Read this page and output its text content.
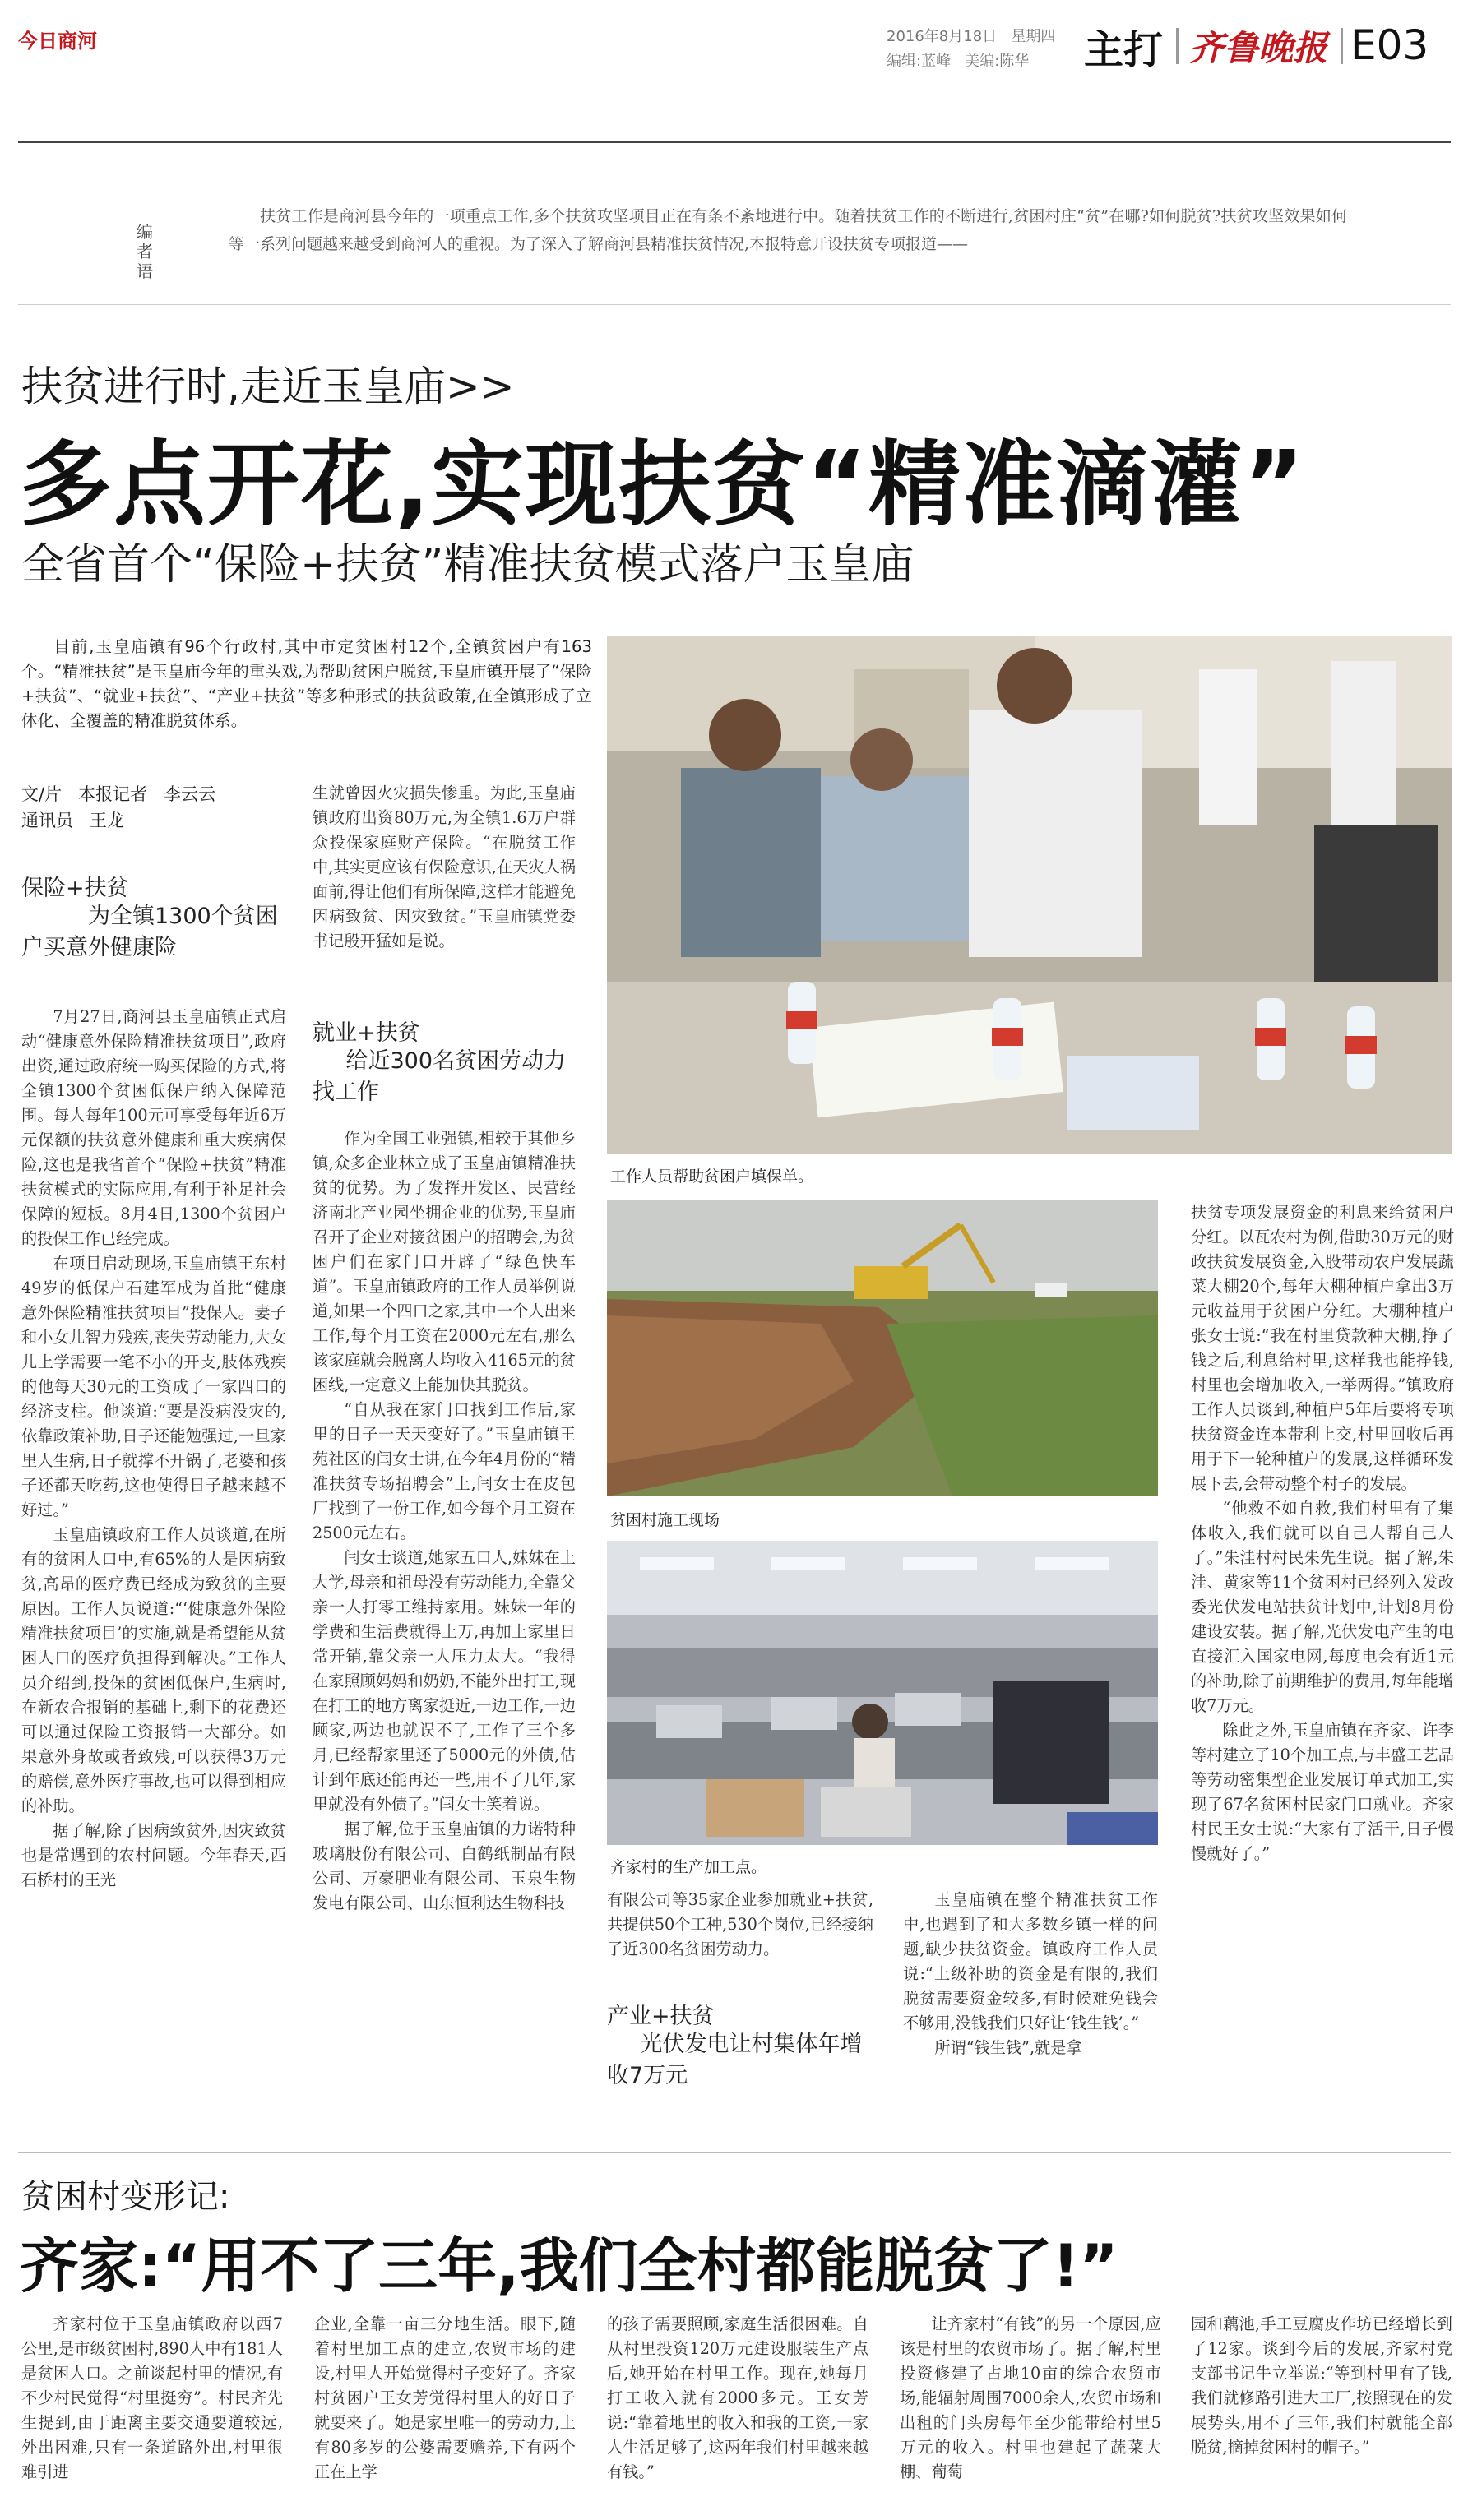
今日商河	2016年8月18日   星期四
编辑:蓝峰   美编:陈华 主打 齐鲁晚报 E03
编者语
扶贫工作是商河县今年的一项重点工作,多个扶贫攻坚项目正在有条不紊地进行中。随着扶贫工作的不断进行,贫困村庄“贫”在哪?如何脱贫?扶贫攻坚效果如何等一系列问题越来越受到商河人的重视。为了深入了解商河县精准扶贫情况,本报特意开设扶贫专项报道——
扶贫进行时,走近玉皇庙>>
多点开花,实现扶贫“精准滴灌”
全省首个“保险+扶贫”精准扶贫模式落户玉皇庙
目前,玉皇庙镇有96个行政村,其中市定贫困村12个,全镇贫困户有163个。“精准扶贫”是玉皇庙今年的重头戏,为帮助贫困户脱贫,玉皇庙镇开展了“保险+扶贫”、“就业+扶贫”、“产业+扶贫”等多种形式的扶贫政策,在全镇形成了立体化、全覆盖的精准脱贫体系。
文/片   本报记者   李云云
通讯员   王龙
保险+扶贫
为全镇1300个贫困户买意外健康险

7月27日,商河县玉皇庙镇正式启动“健康意外保险精准扶贫项目”,政府出资,通过政府统一购买保险的方式,将全镇1300个贫困低保户纳入保障范围。每人每年100元可享受每年近6万元保额的扶贫意外健康和重大疾病保险,这也是我省首个“保险+扶贫”精准扶贫模式的实际应用,有利于补足社会保障的短板。8月4日,1300个贫困户的投保工作已经完成。

在项目启动现场,玉皇庙镇王东村49岁的低保户石建军成为首批“健康意外保险精准扶贫项目”投保人。妻子和小女儿智力残疾,丧失劳动能力,大女儿上学需要一笔不小的开支,肢体残疾的他每天30元的工资成了一家四口的经济支柱。他谈道:“要是没病没灾的,依靠政策补助,日子还能勉强过,一旦家里人生病,日子就撑不开锅了,老婆和孩子还都天吃药,这也使得日子越来越不好过。”

玉皇庙镇政府工作人员谈道,在所有的贫困人口中,有65%的人是因病致贫,高昂的医疗费已经成为致贫的主要原因。工作人员说道:“‘健康意外保险精准扶贫项目’的实施,就是希望能从贫困人口的医疗负担得到解决。”工作人员介绍到,投保的贫困低保户,生病时,在新农合报销的基础上,剩下的花费还可以通过保险工资报销一大部分。如果意外身故或者致残,可以获得3万元的赔偿,意外医疗事故,也可以得到相应的补助。

据了解,除了因病致贫外,因灾致贫也是常遇到的农村问题。今年春天,西石桥村的王光

生就曾因火灾损失惨重。为此,玉皇庙镇政府出资80万元,为全镇1.6万户群众投保家庭财产保险。“在脱贫工作中,其实更应该有保险意识,在天灾人祸面前,得让他们有所保障,这样才能避免因病致贫、因灾致贫。”玉皇庙镇党委书记殷开猛如是说。

就业+扶贫
给近300名贫困劳动力找工作

作为全国工业强镇,相较于其他乡镇,众多企业林立成了玉皇庙镇精准扶贫的优势。为了发挥开发区、民营经济南北产业园坐拥企业的优势,玉皇庙召开了企业对接贫困户的招聘会,为贫困户们在家门口开辟了“绿色快车道”。玉皇庙镇政府的工作人员举例说道,如果一个四口之家,其中一个人出来工作,每个月工资在2000元左右,那么该家庭就会脱离人均收入4165元的贫困线,一定意义上能加快其脱贫。

“自从我在家门口找到工作后,家里的日子一天天变好了。”玉皇庙镇王苑社区的闫女士讲,在今年4月份的“精准扶贫专场招聘会”上,闫女士在皮包厂找到了一份工作,如今每个月工资在2500元左右。

闫女士谈道,她家五口人,妹妹在上大学,母亲和祖母没有劳动能力,全靠父亲一人打零工维持家用。妹妹一年的学费和生活费就得上万,再加上家里日常开销,靠父亲一人压力太大。“我得在家照顾妈妈和奶奶,不能外出打工,现在打工的地方离家挺近,一边工作,一边顾家,两边也就误不了,工作了三个多月,已经帮家里还了5000元的外债,估计到年底还能再还一些,用不了几年,家里就没有外债了。”闫女士笑着说。

据了解,位于玉皇庙镇的力诺特种玻璃股份有限公司、白鹤纸制品有限公司、万豪肥业有限公司、玉泉生物发电有限公司、山东恒利达生物科技

工作人员帮助贫困户填保单。
贫困村施工现场
齐家村的生产加工点。

有限公司等35家企业参加就业+扶贫,共提供50个工种,530个岗位,已经接纳了近300名贫困劳动力。

产业+扶贫
光伏发电让村集体年增收7万元

玉皇庙镇在整个精准扶贫工作中,也遇到了和大多数乡镇一样的问题,缺少扶贫资金。镇政府工作人员说:“上级补助的资金是有限的,我们脱贫需要资金较多,有时候难免钱会不够用,没钱我们只好让‘钱生钱’。”

所谓“钱生钱”,就是拿

扶贫专项发展资金的利息来给贫困户分红。以瓦农村为例,借助30万元的财政扶贫发展资金,入股带动农户发展蔬菜大棚20个,每年大棚种植户拿出3万元收益用于贫困户分红。大棚种植户张女士说:“我在村里贷款种大棚,挣了钱之后,利息给村里,这样我也能挣钱,村里也会增加收入,一举两得。”镇政府工作人员谈到,种植户5年后要将专项扶贫资金连本带利上交,村里回收后再用于下一轮种植户的发展,这样循环发展下去,会带动整个村子的发展。

“他救不如自救,我们村里有了集体收入,我们就可以自己人帮自己人了。”朱洼村村民朱先生说。据了解,朱洼、黄家等11个贫困村已经列入发改委光伏发电站扶贫计划中,计划8月份建设安装。据了解,光伏发电产生的电直接汇入国家电网,每度电会有近1元的补助,除了前期维护的费用,每年能增收7万元。

除此之外,玉皇庙镇在齐家、许李等村建立了10个加工点,与丰盛工艺品等劳动密集型企业发展订单式加工,实现了67名贫困村民家门口就业。齐家村民王女士说:“大家有了活干,日子慢慢就好了。”

贫困村变形记:
齐家:“用不了三年,我们全村都能脱贫了!”
齐家村位于玉皇庙镇政府以西7公里,是市级贫困村,890人中有181人是贫困人口。之前谈起村里的情况,有不少村民觉得“村里挺穷”。村民齐先生提到,由于距离主要交通要道较远,外出困难,只有一条道路外出,村里很难引进
企业,全靠一亩三分地生活。眼下,随着村里加工点的建立,农贸市场的建设,村里人开始觉得村子变好了。齐家村贫困户王女芳觉得村里人的好日子就要来了。她是家里唯一的劳动力,上有80多岁的公婆需要赡养,下有两个正在上学
的孩子需要照顾,家庭生活很困难。自从村里投资120万元建设服装生产点后,她开始在村里工作。现在,她每月打工收入就有2000多元。王女芳说:“靠着地里的收入和我的工资,一家人生活足够了,这两年我们村里越来越有钱。”
让齐家村“有钱”的另一个原因,应该是村里的农贸市场了。据了解,村里投资修建了占地10亩的综合农贸市场,能辐射周围7000余人,农贸市场和出租的门头房每年至少能带给村里5万元的收入。村里也建起了蔬菜大棚、葡萄
园和藕池,手工豆腐皮作坊已经增长到了12家。谈到今后的发展,齐家村党支部书记牛立举说:“等到村里有了钱,我们就修路引进大工厂,按照现在的发展势头,用不了三年,我们村就能全部脱贫,摘掉贫困村的帽子。”
